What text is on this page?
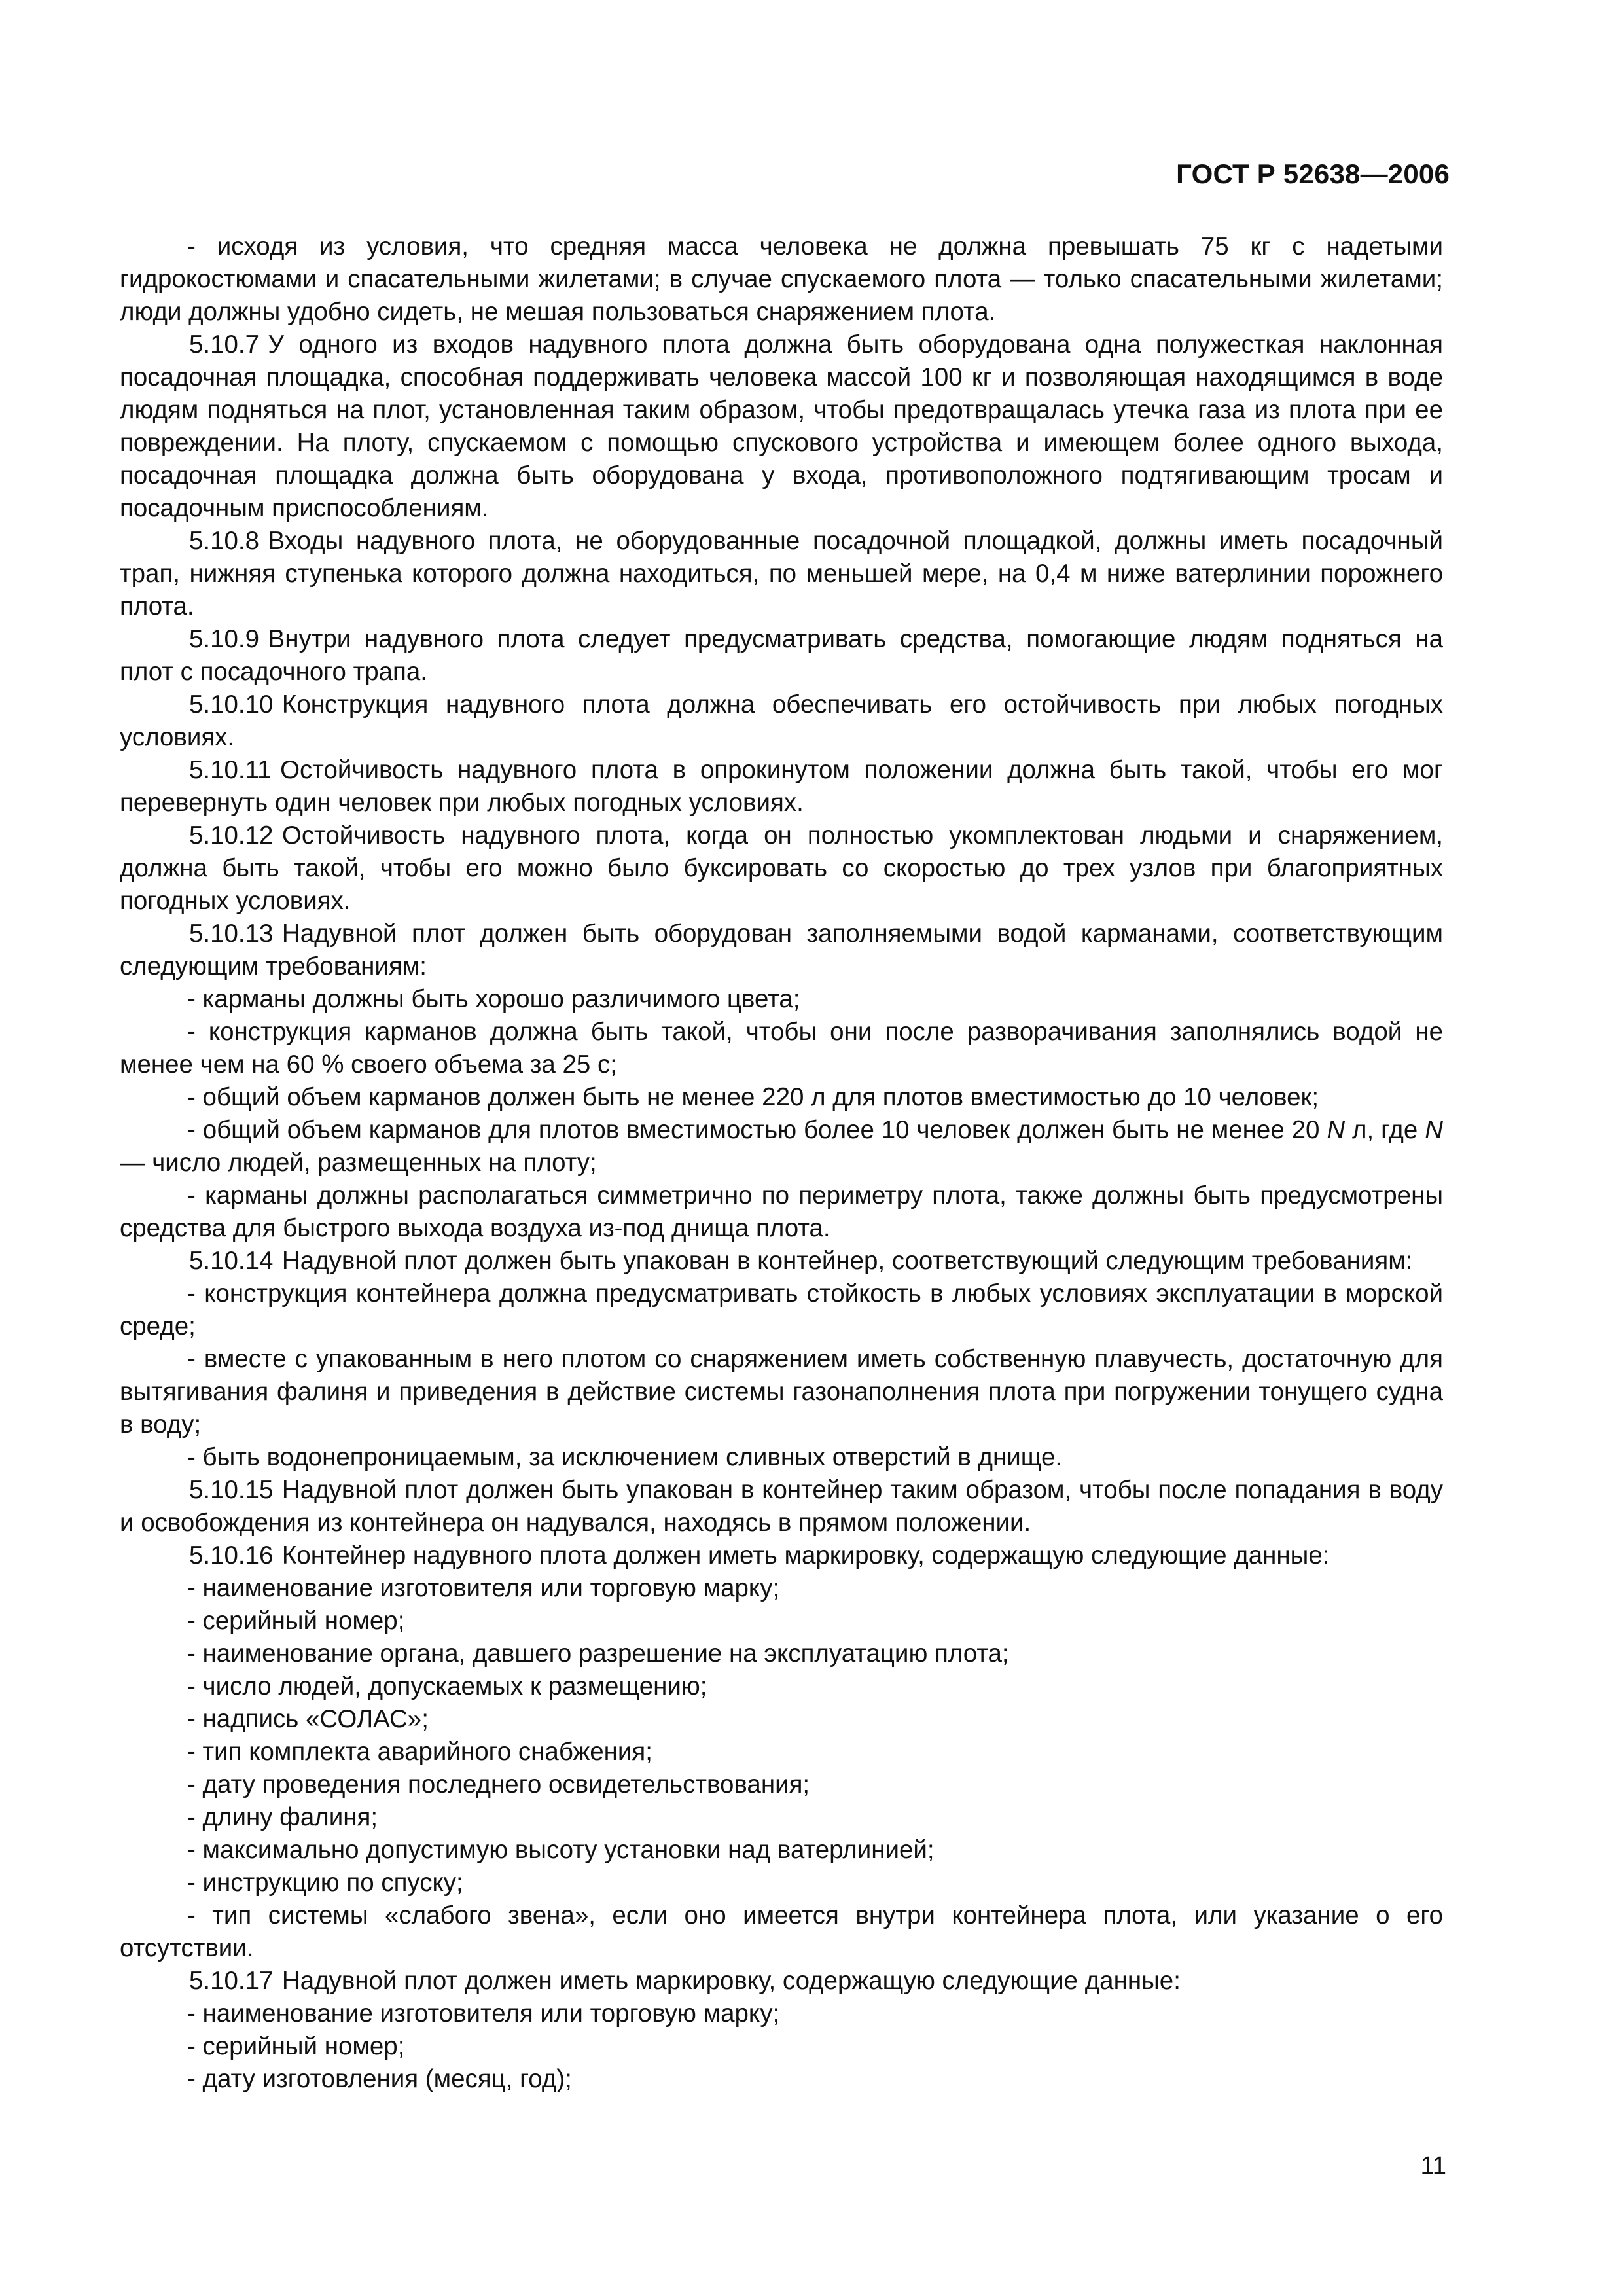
ГОСТ Р 52638—2006

- исходя из условия, что средняя масса человека не должна превышать 75 кг с надетыми гидрокостюмами и спасательными жилетами; в случае спускаемого плота — только спасательными жилетами; люди должны удобно сидеть, не мешая пользоваться снаряжением плота.

5.10.7 У одного из входов надувного плота должна быть оборудована одна полужесткая наклонная посадочная площадка, способная поддерживать человека массой 100 кг и позволяющая находящимся в воде людям подняться на плот, установленная таким образом, чтобы предотвращалась утечка газа из плота при ее повреждении. На плоту, спускаемом с помощью спускового устройства и имеющем более одного выхода, посадочная площадка должна быть оборудована у входа, противоположного подтягивающим тросам и посадочным приспособлениям.

5.10.8 Входы надувного плота, не оборудованные посадочной площадкой, должны иметь посадочный трап, нижняя ступенька которого должна находиться, по меньшей мере, на 0,4 м ниже ватерлинии порожнего плота.

5.10.9 Внутри надувного плота следует предусматривать средства, помогающие людям подняться на плот с посадочного трапа.

5.10.10 Конструкция надувного плота должна обеспечивать его остойчивость при любых погодных условиях.

5.10.11 Остойчивость надувного плота в опрокинутом положении должна быть такой, чтобы его мог перевернуть один человек при любых погодных условиях.

5.10.12 Остойчивость надувного плота, когда он полностью укомплектован людьми и снаряжением, должна быть такой, чтобы его можно было буксировать со скоростью до трех узлов при благоприятных погодных условиях.

5.10.13 Надувной плот должен быть оборудован заполняемыми водой карманами, соответствующим следующим требованиям:

- карманы должны быть хорошо различимого цвета;

- конструкция карманов должна быть такой, чтобы они после разворачивания заполнялись водой не менее чем на 60 % своего объема за 25 с;

- общий объем карманов должен быть не менее 220 л для плотов вместимостью до 10 человек;

- общий объем карманов для плотов вместимостью более 10 человек должен быть не менее 20 N л, где N — число людей, размещенных на плоту;

- карманы должны располагаться симметрично по периметру плота, также должны быть предусмотрены средства для быстрого выхода воздуха из-под днища плота.

5.10.14 Надувной плот должен быть упакован в контейнер, соответствующий следующим требованиям:

- конструкция контейнера должна предусматривать стойкость в любых условиях эксплуатации в морской среде;

- вместе с упакованным в него плотом со снаряжением иметь собственную плавучесть, достаточную для вытягивания фалиня и приведения в действие системы газонаполнения плота при погружении тонущего судна в воду;

- быть водонепроницаемым, за исключением сливных отверстий в днище.

5.10.15 Надувной плот должен быть упакован в контейнер таким образом, чтобы после попадания в воду и освобождения из контейнера он надувался, находясь в прямом положении.

5.10.16 Контейнер надувного плота должен иметь маркировку, содержащую следующие данные:

- наименование изготовителя или торговую марку;

- серийный номер;

- наименование органа, давшего разрешение на эксплуатацию плота;

- число людей, допускаемых к размещению;

- надпись «СОЛАС»;

- тип комплекта аварийного снабжения;

- дату проведения последнего освидетельствования;

- длину фалиня;

- максимально допустимую высоту установки над ватерлинией;

- инструкцию по спуску;

- тип системы «слабого звена», если оно имеется внутри контейнера плота, или указание о его отсутствии.

5.10.17 Надувной плот должен иметь маркировку, содержащую следующие данные:

- наименование изготовителя или торговую марку;

- серийный номер;

- дату изготовления (месяц, год);

11
